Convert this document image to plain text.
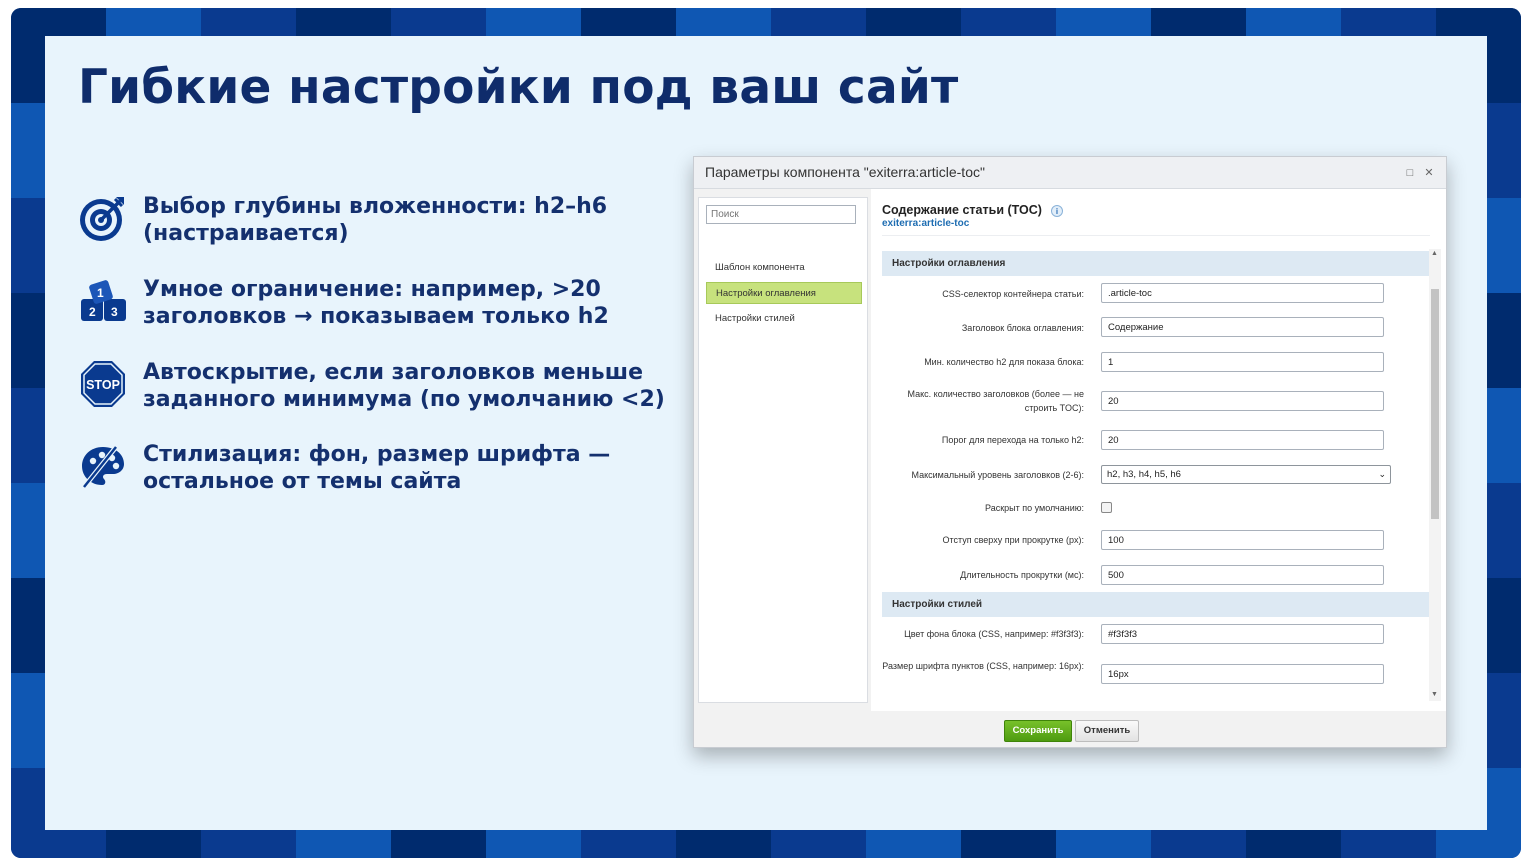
Гибкие настройки под ваш сайт
Выбор глубины вложенности: h2–h6 (настраивается)
2 3
1 Умное ограничение: например, >20 заголовков → показываем только h2
STOP Автоскрытие, если заголовков меньше заданного минимума (по умолчанию <2)
Стилизация: фон, размер шрифта — остальное от темы сайта
Параметры компонента "exiterra:article-toc"	□	✕
Поиск
Шаблон компонента
Настройки оглавления
Настройки стилей
Содержание статьи (TOC)	i
exiterra:article-toc
Настройки оглавления
CSS-селектор контейнера статьи:	.article-toc
Заголовок блока оглавления:	Содержание
Мин. количество h2 для показа блока:	1
Макс. количество заголовков (более — не строить TOC):
20
Порог для перехода на только h2:	20
Максимальный уровень заголовков (2-6):	h2, h3, h4, h5, h6	⌄
Раскрыт по умолчанию:
Отступ сверху при прокрутке (px):	100
Длительность прокрутки (мс):	500
Настройки стилей
Цвет фона блока (CSS, например: #f3f3f3):	#f3f3f3
Размер шрифта пунктов (CSS, например: 16px):
16px
▲
▼
Сохранить	Отменить
